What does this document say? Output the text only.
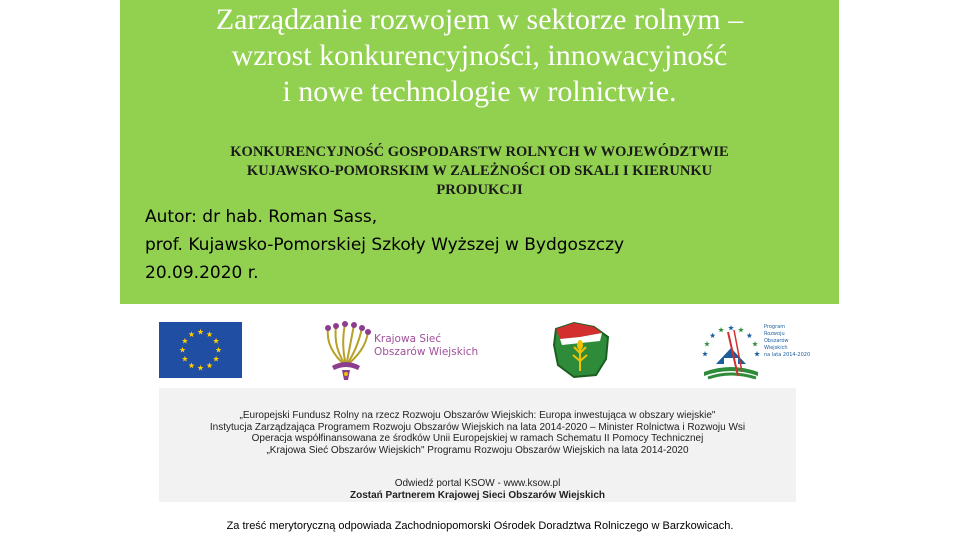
Zarządzanie rozwojem w sektorze rolnym –
wzrost konkurencyjności, innowacyjność
i nowe technologie w rolnictwie.
KONKURENCYJNOŚĆ GOSPODARSTW ROLNYCH W WOJEWÓDZTWIE
KUJAWSKO-POMORSKIM W ZALEŻNOŚCI OD SKALI I KIERUNKU
PRODUKCJI
Autor: dr hab. Roman Sass,
prof. Kujawsko-Pomorskiej Szkoły Wyższej w Bydgoszczy
20.09.2020 r.
Krajowa Sieć
Obszarów Wiejskich
Program
Rozwoju
Obszarów
Wiejskich
na lata 2014-2020
„Europejski Fundusz Rolny na rzecz Rozwoju Obszarów Wiejskich: Europa inwestująca w obszary wiejskie"
Instytucja Zarządzająca Programem Rozwoju Obszarów Wiejskich na lata 2014-2020 – Minister Rolnictwa i Rozwoju Wsi
Operacja współfinansowana ze środków Unii Europejskiej w ramach Schematu II Pomocy Technicznej
„Krajowa Sieć Obszarów Wiejskich" Programu Rozwoju Obszarów Wiejskich na lata 2014-2020
Odwiedź portal KSOW - www.ksow.pl
Zostań Partnerem Krajowej Sieci Obszarów Wiejskich
Za treść merytoryczną odpowiada Zachodniopomorski Ośrodek Doradztwa Rolniczego w Barzkowicach.
